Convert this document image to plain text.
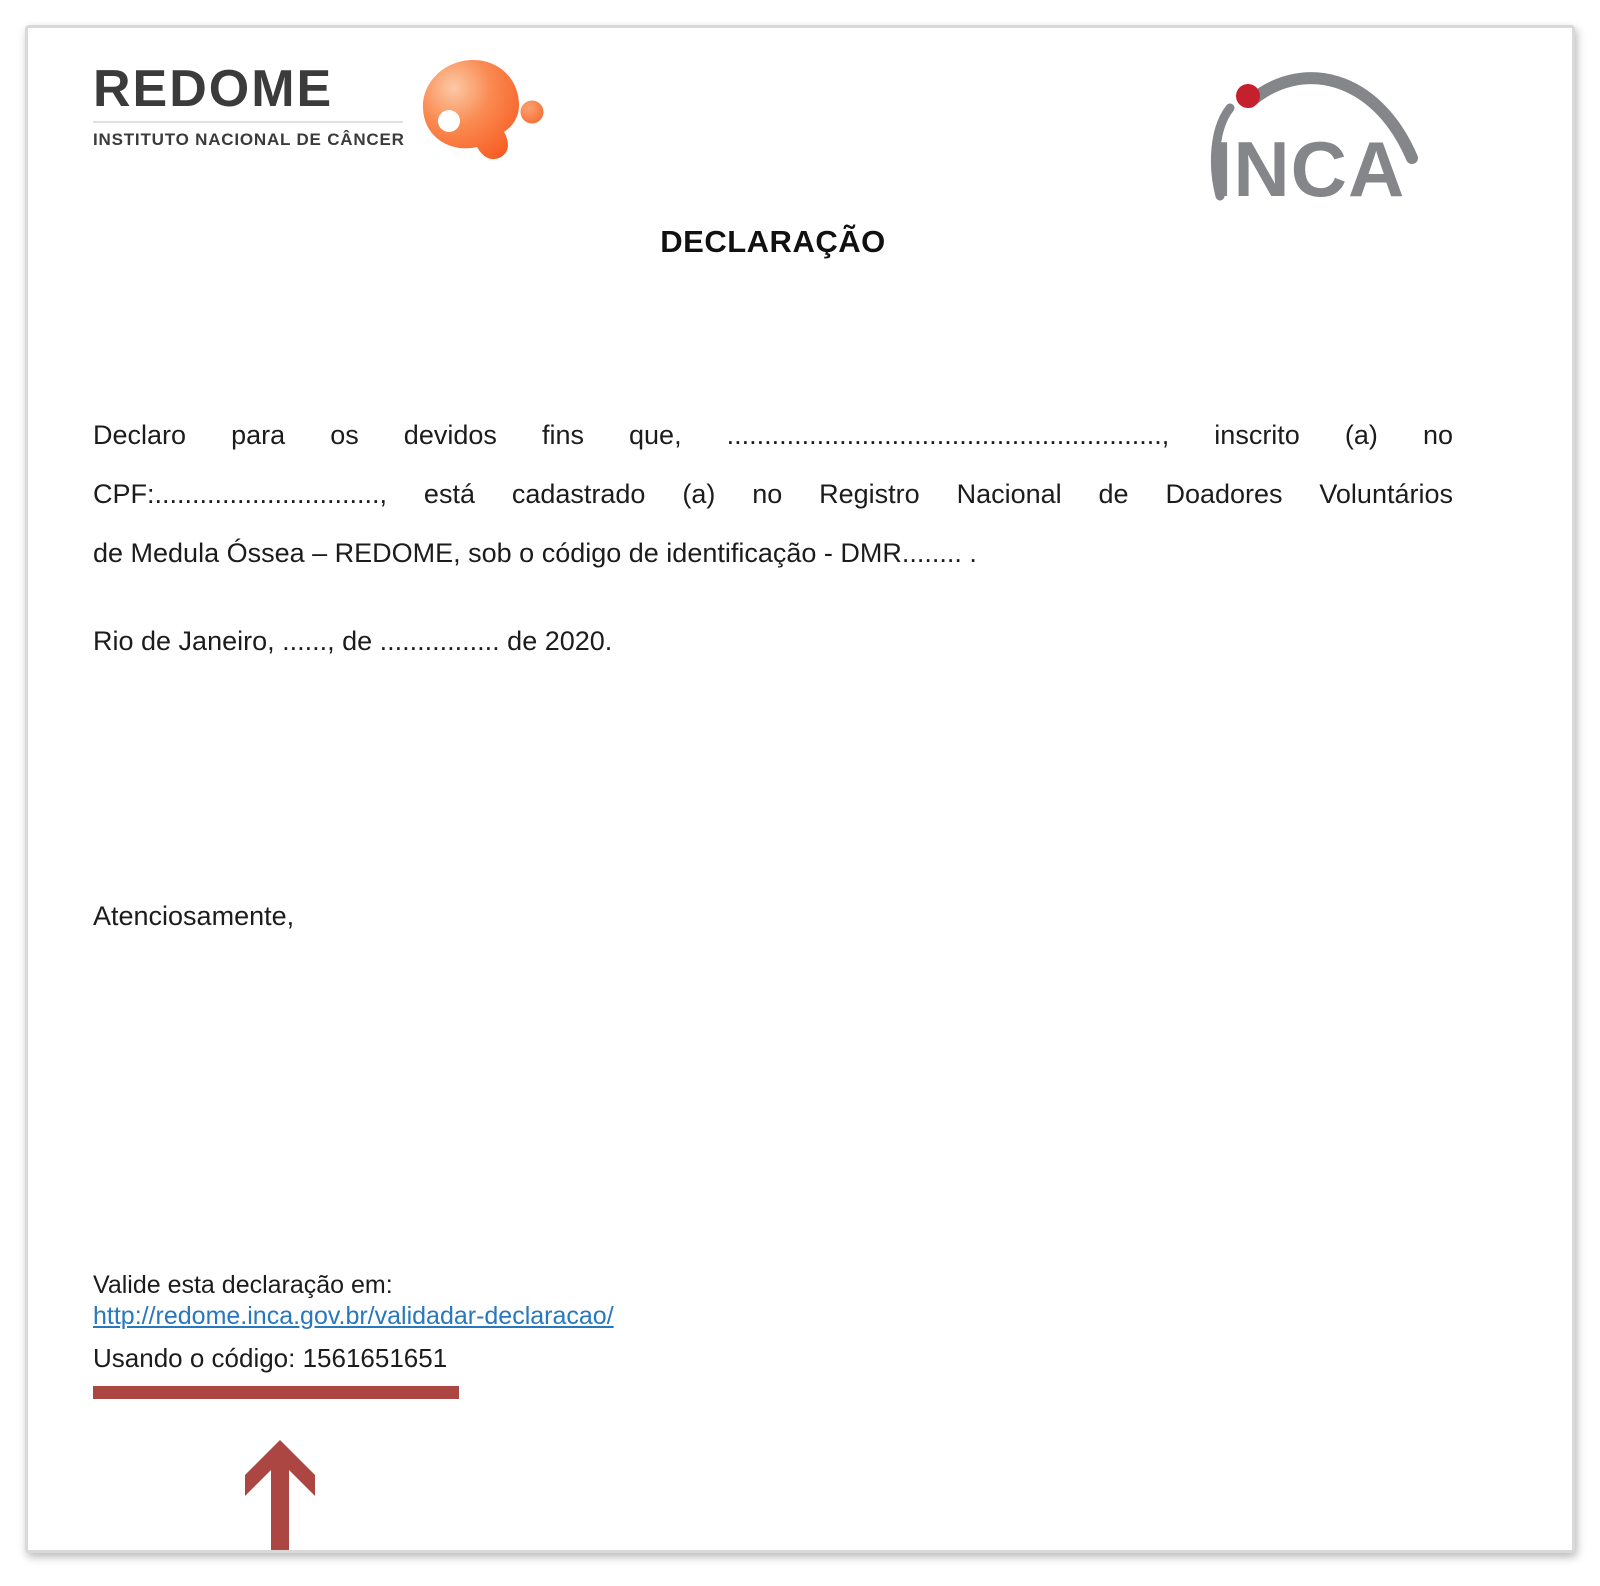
REDOME
INSTITUTO NACIONAL DE CÂNCER	INCA
DECLARAÇÃO
Declaro para os devidos fins que, .........................................................., inscrito (a) no
CPF:.............................., está cadastrado (a) no Registro Nacional de Doadores Voluntários
de Medula Óssea – REDOME, sob o código de identificação - DMR........ .
Rio de Janeiro, ......, de ................ de 2020.
Atenciosamente,
Valide esta declaração em:
http://redome.inca.gov.br/validadar-declaracao/
Usando o código: 1561651651
